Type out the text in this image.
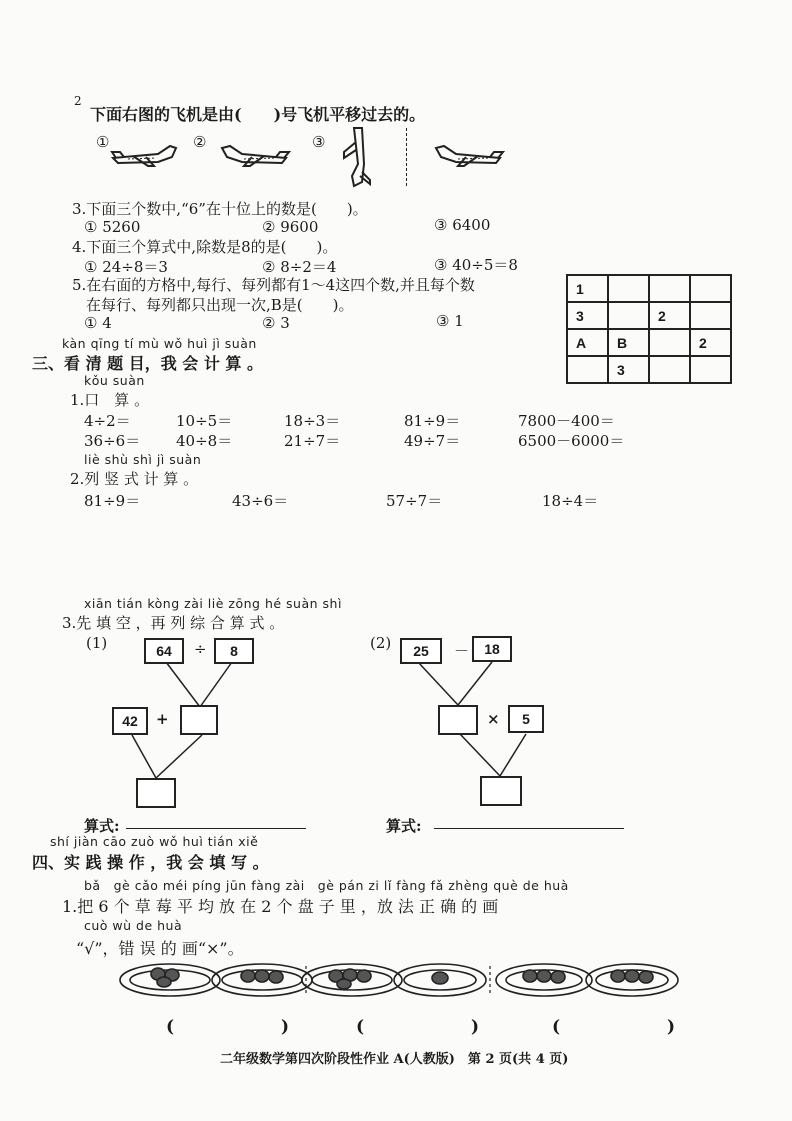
2
下面右图的飞机是由(　　)号飞机平移过去的。
①	②	③
3.下面三个数中,“6”在十位上的数是(　　)。
① 5260	② 9600	③ 6400
4.下面三个算式中,除数是8的是(　　)。
① 24÷8＝3	② 8÷2＝4	③ 40÷5＝8
5.在右面的方格中,每行、每列都有1～4这四个数,并且每个数
在每行、每列都只出现一次,B是(　　)。
① 4	② 3	③ 1
1			
3		2	
A	B		2
	3		
kàn qīng tí mù wǒ huì jì suàn
三、看 清 题 目，我 会 计 算 。
kǒu suàn
1.口　算 。
4÷2＝	10÷5＝	18÷3＝	81÷9＝	7800－400＝
36÷6＝ 40÷8＝	21÷7＝	49÷7＝	6500－6000＝
liè shù shì jì suàn
2.列 竖 式 计 算 。
81÷9＝	43÷6＝	57÷7＝	18÷4＝
xiān tián kòng zài liè zōng hé suàn shì
3.先 填 空 ，再 列 综 合 算 式 。
(1)	64	÷	8
42	+
(2)	25	－	18
×	5
算式:	算式:
shí jiàn cāo zuò wǒ huì tián xiě
四、实 践 操 作 ，我 会 填 写 。
bǎ　gè cǎo méi píng jūn fàng zài　gè pán zi lǐ fàng fǎ zhèng què de huà
1.把 6 个 草 莓 平 均 放 在 2 个 盘 子 里 ，放 法 正 确 的 画
cuò wù de huà
“√”，错 误 的 画“×”。
(　　　)	(　　　)	(　　　)
二年级数学第四次阶段性作业 A(人教版)　第 2 页(共 4 页)
